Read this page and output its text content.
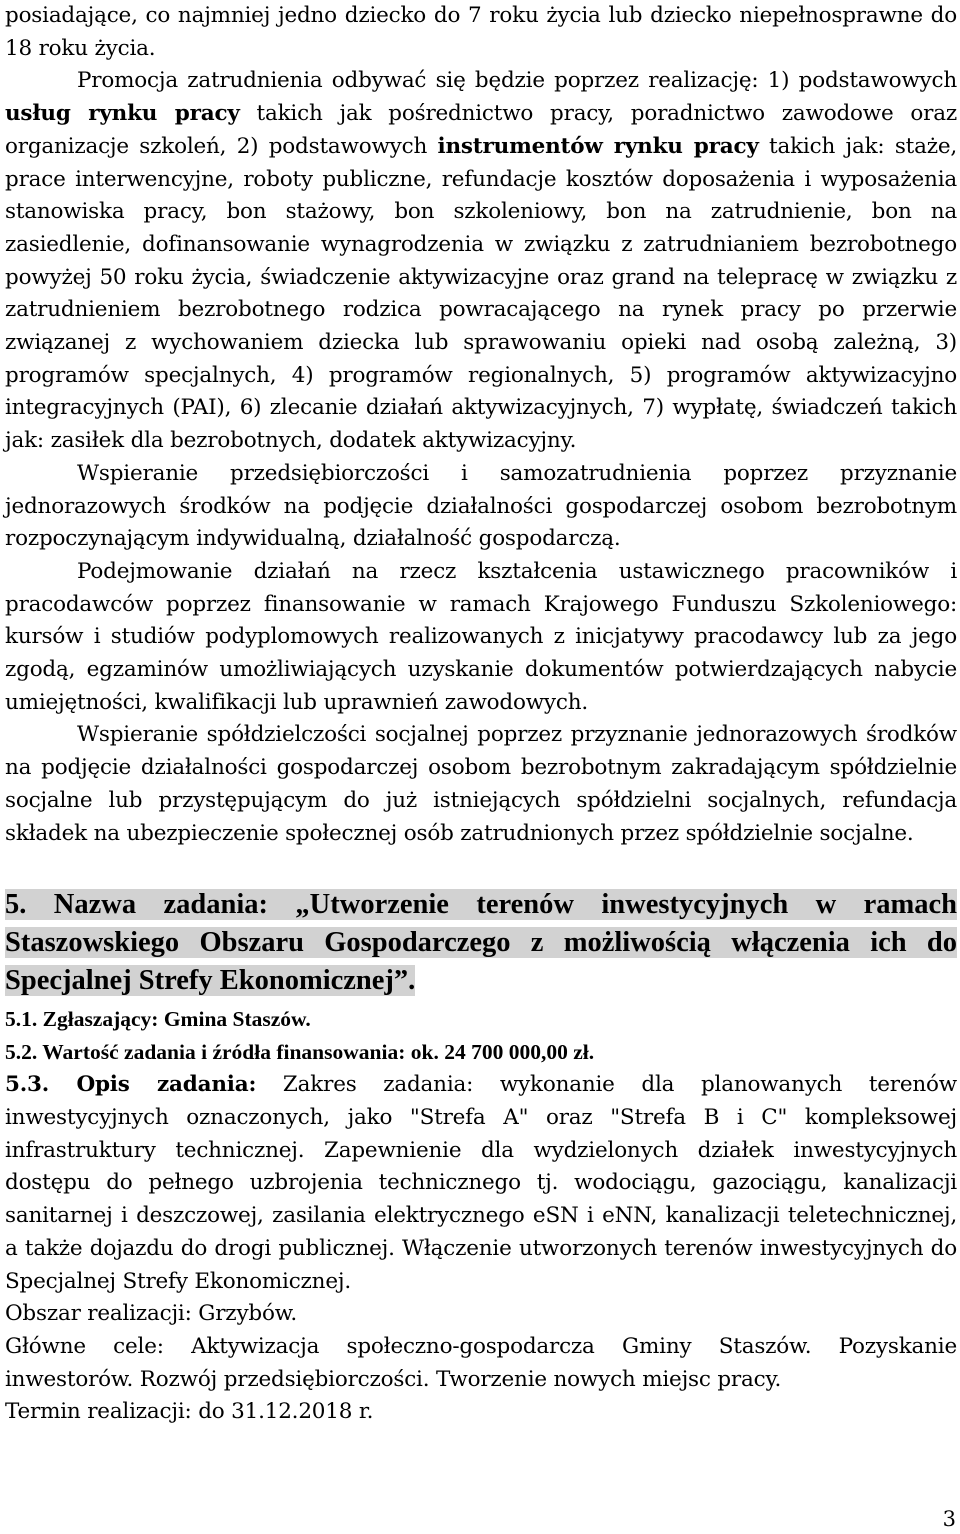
posiadające, co najmniej jedno dziecko do 7 roku życia lub dziecko niepełnosprawne do 18 roku życia.

Promocja zatrudnienia odbywać się będzie poprzez realizację: 1) podstawowych usług rynku pracy takich jak pośrednictwo pracy, poradnictwo zawodowe oraz organizacje szkoleń, 2) podstawowych instrumentów rynku pracy takich jak: staże, prace interwencyjne, roboty publiczne, refundacje kosztów doposażenia i wyposażenia stanowiska pracy, bon stażowy, bon szkoleniowy, bon na zatrudnienie, bon na zasiedlenie, dofinansowanie wynagrodzenia w związku z zatrudnianiem bezrobotnego powyżej 50 roku życia, świadczenie aktywizacyjne oraz grand na telepracę w związku z zatrudnieniem bezrobotnego rodzica powracającego na rynek pracy po przerwie związanej z wychowaniem dziecka lub sprawowaniu opieki nad osobą zależną, 3) programów specjalnych, 4) programów regionalnych, 5) programów aktywizacyjno integracyjnych (PAI), 6) zlecanie działań aktywizacyjnych, 7) wypłatę, świadczeń takich jak: zasiłek dla bezrobotnych, dodatek aktywizacyjny.

Wspieranie przedsiębiorczości i samozatrudnienia poprzez przyznanie jednorazowych środków na podjęcie działalności gospodarczej osobom bezrobotnym rozpoczynającym indywidualną, działalność gospodarczą.

Podejmowanie działań na rzecz kształcenia ustawicznego pracowników i pracodawców poprzez finansowanie w ramach Krajowego Funduszu Szkoleniowego: kursów i studiów podyplomowych realizowanych z inicjatywy pracodawcy lub za jego zgodą, egzaminów umożliwiających uzyskanie dokumentów potwierdzających nabycie umiejętności, kwalifikacji lub uprawnień zawodowych.

Wspieranie spółdzielczości socjalnej poprzez przyznanie jednorazowych środków na podjęcie działalności gospodarczej osobom bezrobotnym zakradającym spółdzielnie socjalne lub przystępującym do już istniejących spółdzielni socjalnych, refundacja składek na ubezpieczenie społecznej osób zatrudnionych przez spółdzielnie socjalne.

5. Nazwa zadania: „Utworzenie terenów inwestycyjnych w ramach Staszowskiego Obszaru Gospodarczego z możliwością włączenia ich do Specjalnej Strefy Ekonomicznej”.

5.1. Zgłaszający: Gmina Staszów.

5.2. Wartość zadania i źródła finansowania: ok. 24 700 000,00 zł.

5.3. Opis zadania: Zakres zadania: wykonanie dla planowanych terenów inwestycyjnych oznaczonych, jako "Strefa A" oraz "Strefa B i C" kompleksowej infrastruktury technicznej. Zapewnienie dla wydzielonych działek inwestycyjnych dostępu do pełnego uzbrojenia technicznego tj. wodociągu, gazociągu, kanalizacji sanitarnej i deszczowej, zasilania elektrycznego eSN i eNN, kanalizacji teletechnicznej, a także dojazdu do drogi publicznej. Włączenie utworzonych terenów inwestycyjnych do Specjalnej Strefy Ekonomicznej.

Obszar realizacji: Grzybów.

Główne cele: Aktywizacja społeczno-gospodarcza Gminy Staszów. Pozyskanie inwestorów. Rozwój przedsiębiorczości. Tworzenie nowych miejsc pracy.

Termin realizacji: do 31.12.2018 r.

3
